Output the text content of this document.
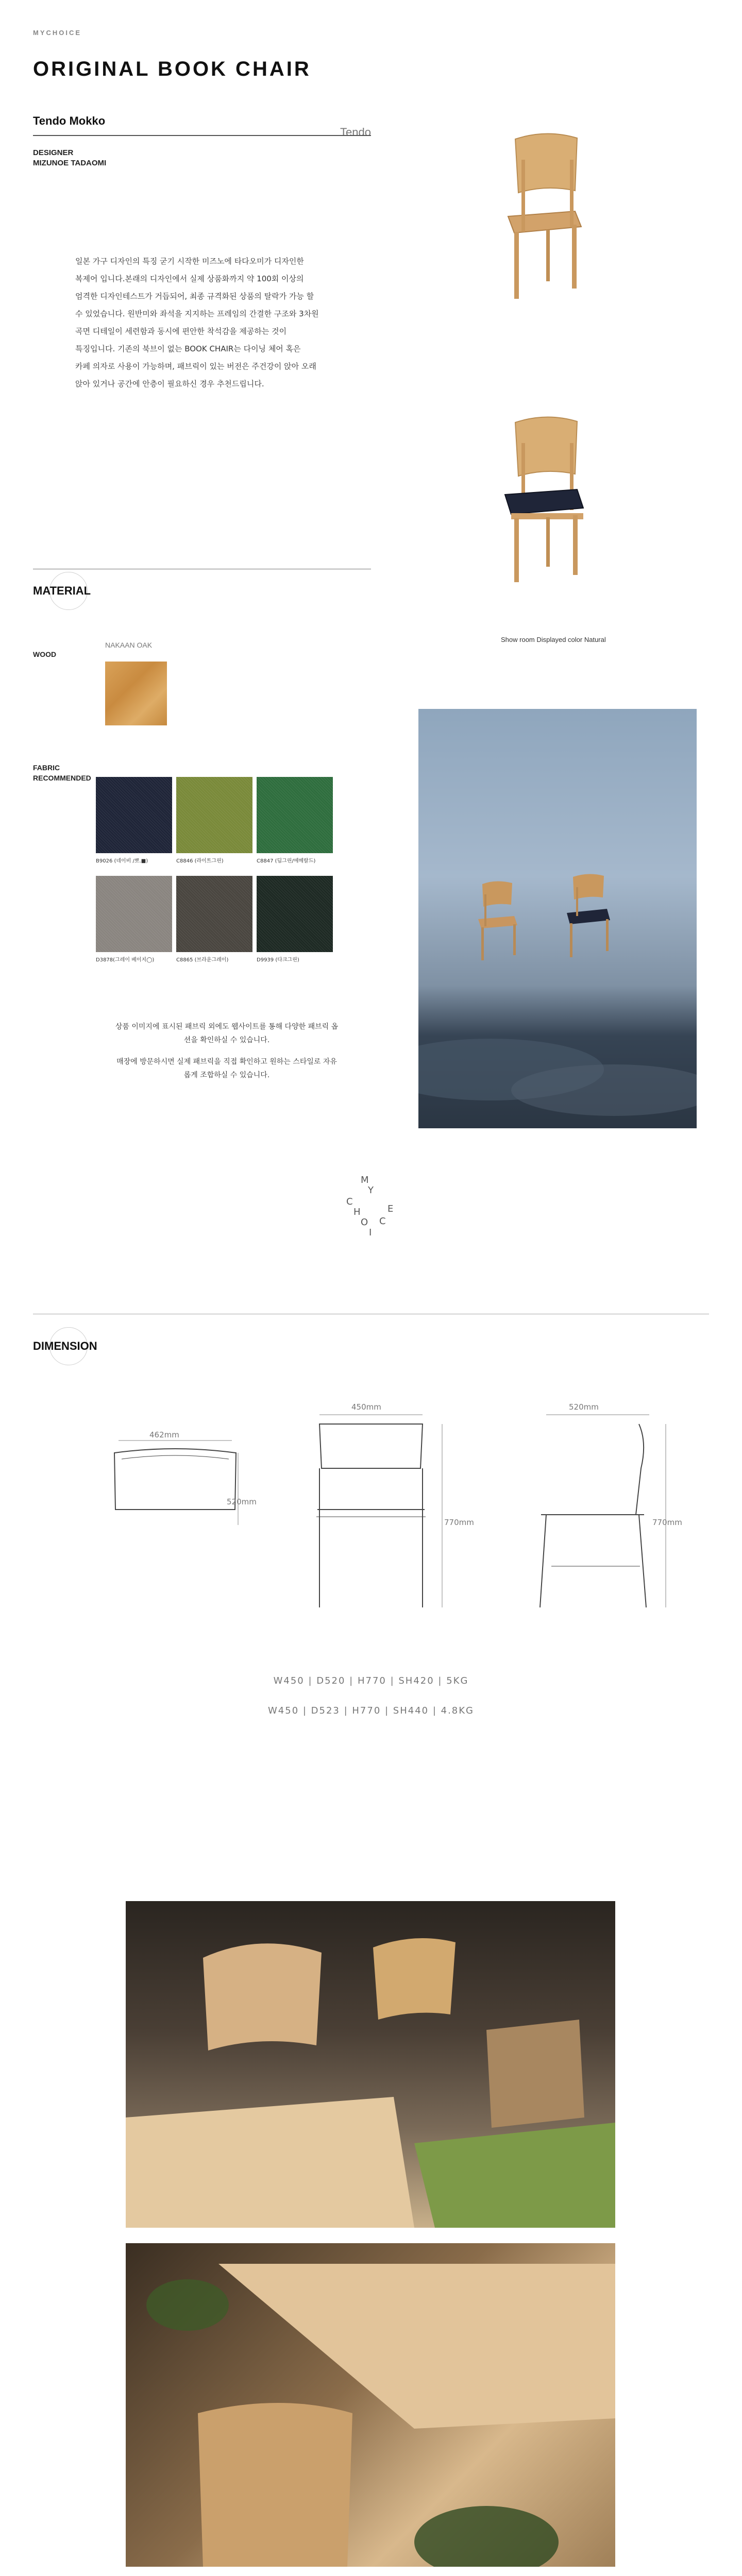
MYCHOICE
ORIGINAL BOOK CHAIR
Tendo Mokko
Tendo
DESIGNER
MIZUNOE TADAOMI
일본 가구 디자인의 특징 굳기 시작한 미즈노에 타다오미가 디자인한
복제어 입니다.본래의 디자인에서 실제 상품화까지 약 100회 이상의
엄격한 디자인테스트가 거듭되어, 최종 규격화된 상품의 탈락가 가능 할
수 있었습니다. 원반미와 좌석을 지지하는 프레임의 간결한 구조와 3차원
곡면 디테일이 세련함과 동시에 편안한 착석감을 제공하는 것이
특징입니다. 기존의 북브이 없는 BOOK CHAIR는 다이닝 체어 혹은
카페 의자로 사용이 가능하며, 패브릭이 있는 버전은 주건강이 앉아 오래
앉아 있거나 공간에 안층이 필요하신 경우 추천드립니다.
Show room Displayed color Natural
MATERIAL
WOOD
NAKAAN OAK
FABRIC
RECOMMENDED
B9026 (네이비 /뽀.■)	C8846 (라이트그린)	C8847 (딥그린/에메랄드)
D3878(그레이 베이지◯)	C8865 (브라운그레이)	D9939 (다크그린)
상품 이미지에 표시된 패브릭 외에도 웹사이트를 통해 다양한 패브릭 옵션을 확인하실 수 있습니다.
매장에 방문하시면 실제 패브릭을 직접 확인하고 원하는 스타일로 자유롭게 조합하실 수 있습니다.
M
Y
C
H
O
I
C
E
DIMENSION
462mm
520mm
450mm
770mm
520mm
770mm
W450 | D520 | H770 | SH420 | 5KG
W450 | D523 | H770 | SH440 | 4.8KG
